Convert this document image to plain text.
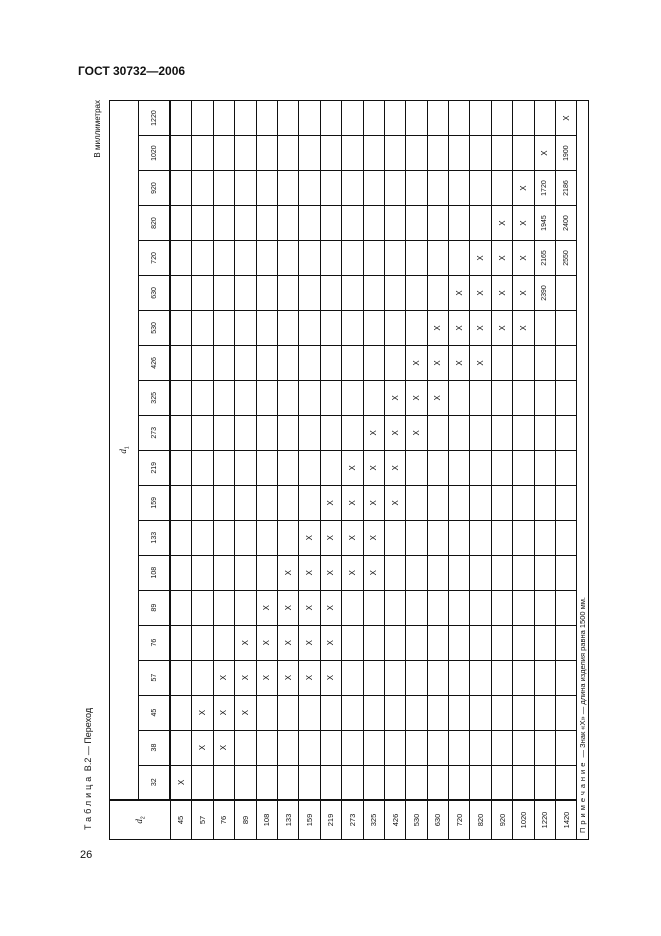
ГОСТ 30732—2006
Таблица В.2 — Переход
В миллиметрах
$d_2$	$d_1$
	32	38	45	57	76	89	108	133	159	219	273	325	426	530	630	720	820	920	1020	1220
45	X																			
57		X	X																	
76		X	X	X																
89			X	X	X															
108				X	X	X														
133				X	X	X	X													
159				X	X	X	X	X												
219				X	X	X	X	X	X											
273							X	X	X	X										
325							X	X	X	X	X									
426									X	X	X	X								
530											X	X	X							
630												X	X	X						
720													X	X	X					
820													X	X	X	X				
920														X	X	X	X			
1020														X	X	X	X	X		
1220															2390	2165	1945	1720	X	
1420																2550	2400	2186	1900	X
Примечание — Знак «Х» — длина изделия равна 1500 мм.																				
26
